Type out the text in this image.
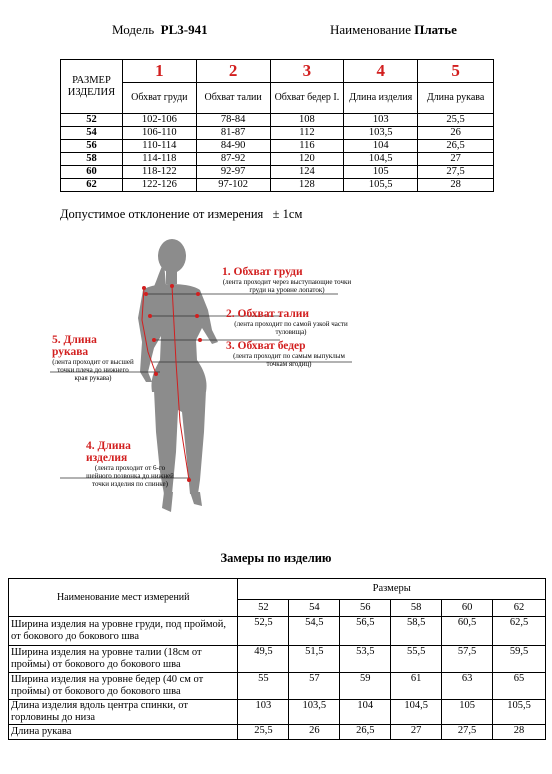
Модель PL3-941	Наименование Платье
РАЗМЕР ИЗДЕЛИЯ	1	2	3	4	5
	Обхват груди	Обхват талии	Обхват бедер I.	Длина изделия	Длина рукава
52	102-106	78-84	108	103	25,5
54	106-110	81-87	112	103,5	26
56	110-114	84-90	116	104	26,5
58	114-118	87-92	120	104,5	27
60	118-122	92-97	124	105	27,5
62	122-126	97-102	128	105,5	28
Допустимое отклонение от измерения   ± 1см
1. Обхват груди
(лента проходит через выступающие точки груди на уровне лопаток)
2. Обхват талии
(лента проходит по самой узкой части туловища)
3. Обхват бедер
(лента проходит по самым выпуклым точкам ягодиц)
5. Длина рукава
(лента проходит от высшей точки плеча до нижнего края рукава)
4. Длина изделия
(лента проходит от 6-го шейного позвонка до нижней точки изделия по спинке)
Замеры по изделию
Наименование мест измерений	Размеры					
	52	54	56	58	60	62
Ширина изделия на уровне груди, под проймой, от бокового до бокового шва	52,5	54,5	56,5	58,5	60,5	62,5
Ширина изделия на уровне талии (18см от проймы) от бокового до бокового шва	49,5	51,5	53,5	55,5	57,5	59,5
Ширина изделия на уровне бедер (40 см от проймы) от бокового до бокового шва	55	57	59	61	63	65
Длина изделия вдоль центра спинки, от горловины до низа	103	103,5	104	104,5	105	105,5
Длина рукава	25,5	26	26,5	27	27,5	28
